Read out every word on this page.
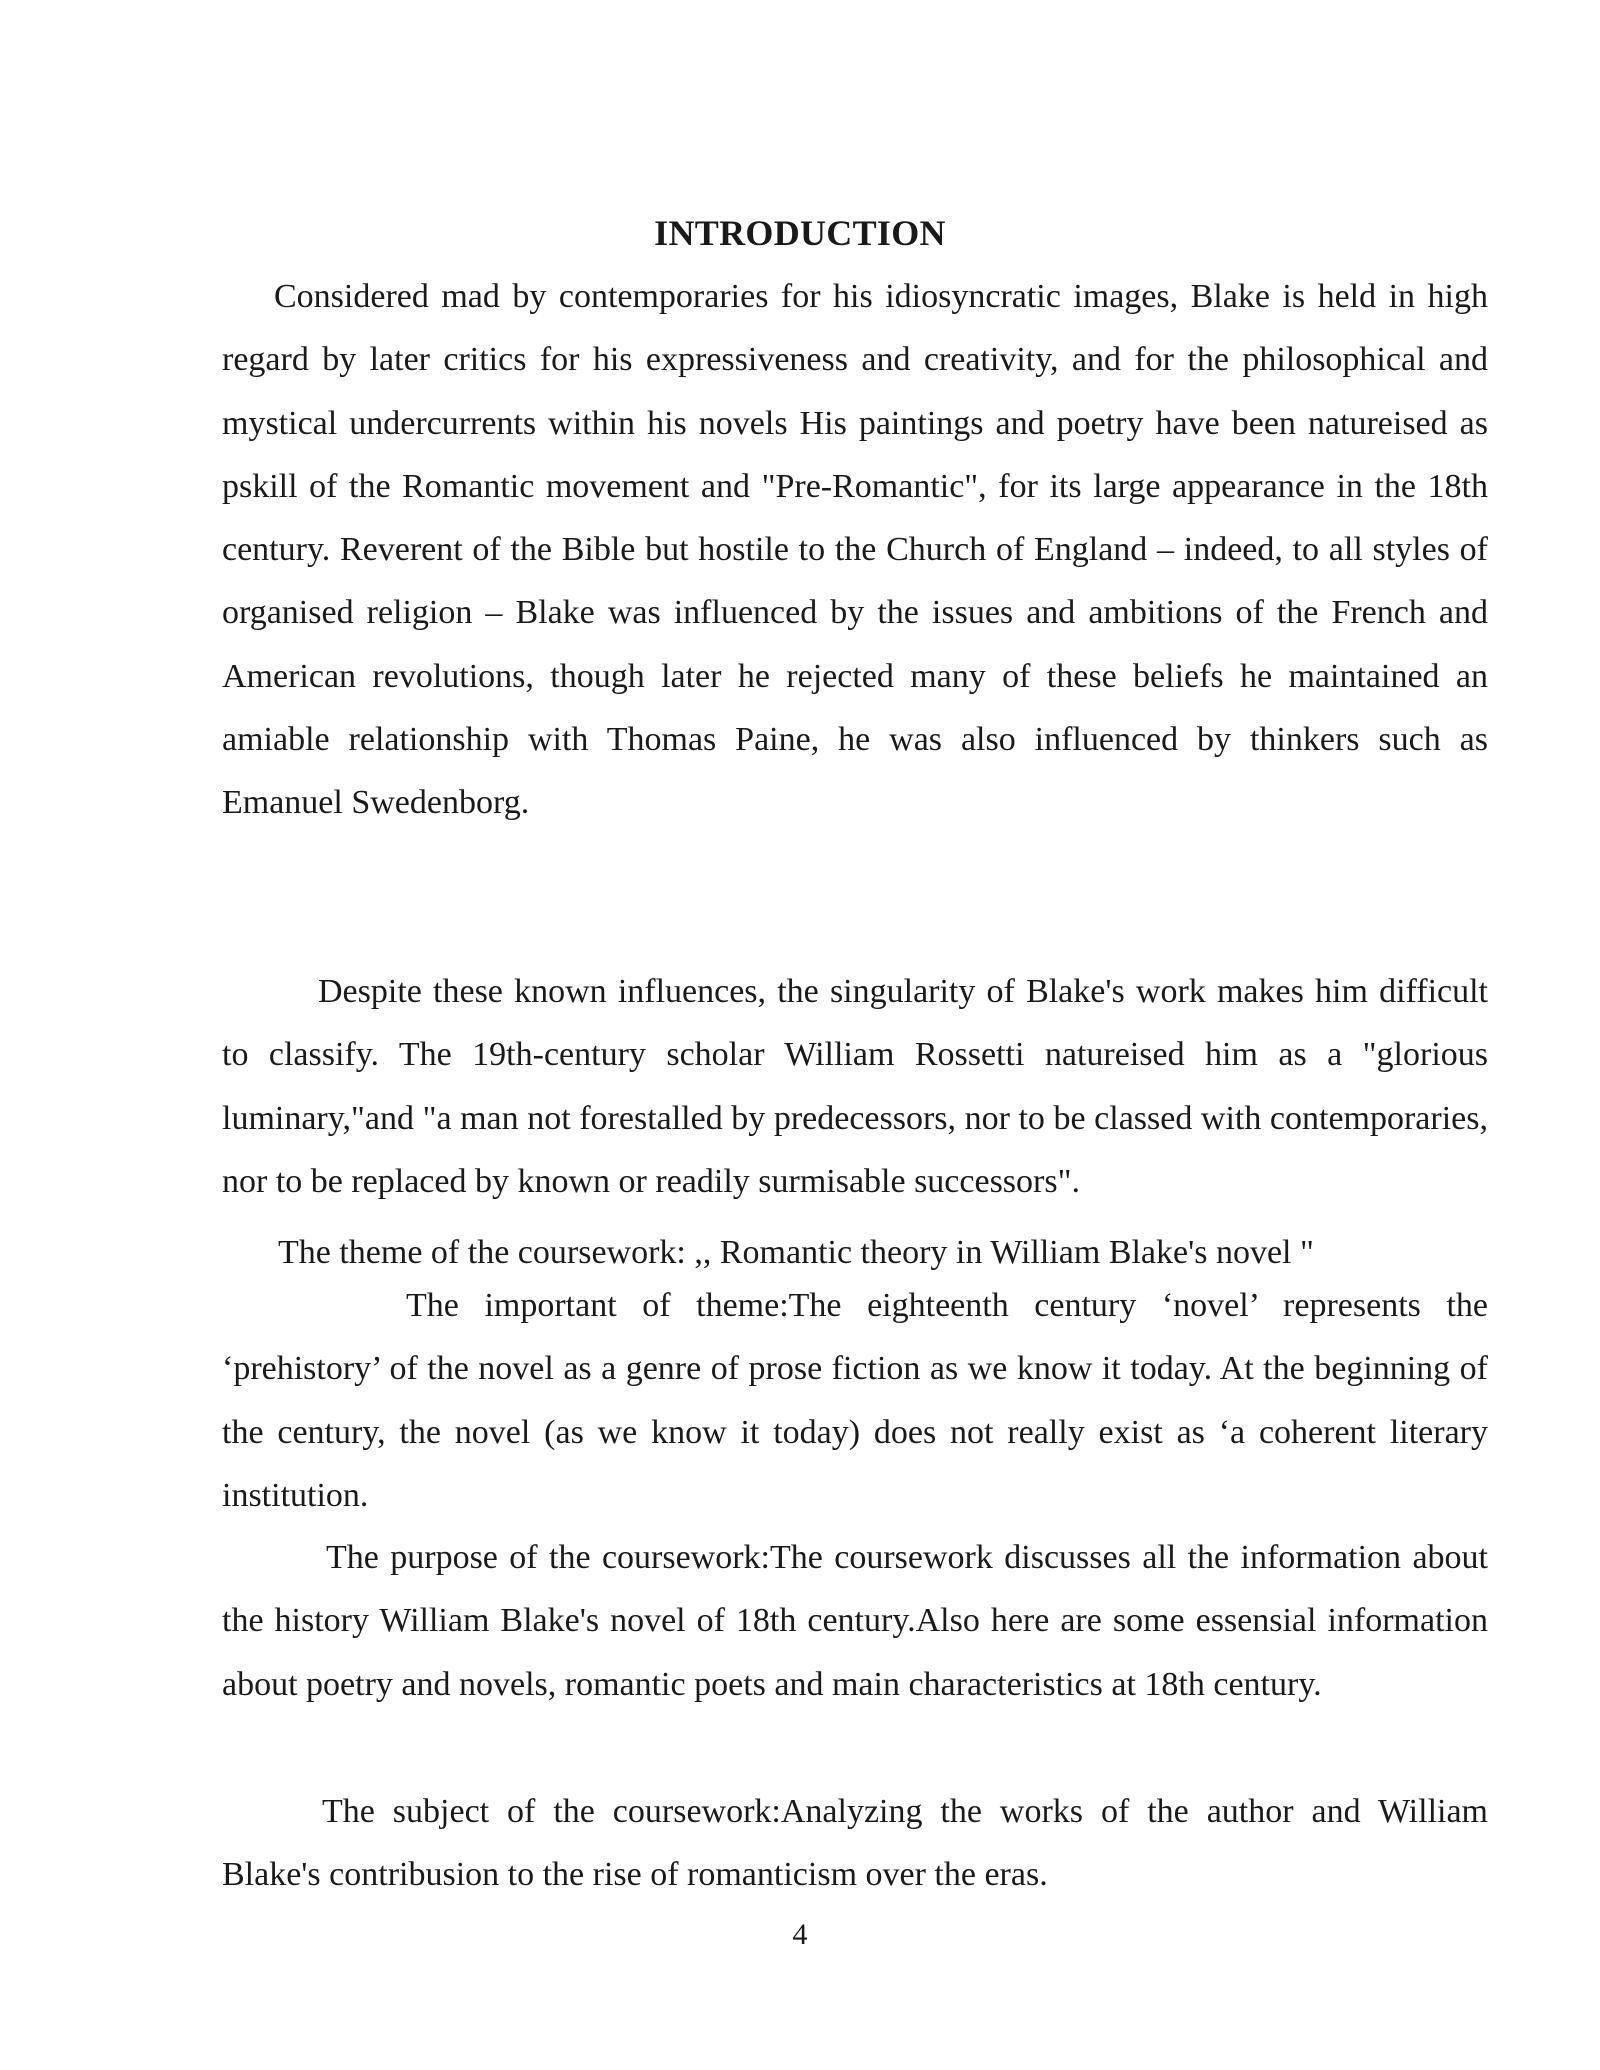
INTRODUCTION

Considered mad by contemporaries for his idiosyncratic images, Blake is held in high regard by later critics for his expressiveness and creativity, and for the philosophical and mystical undercurrents within his novels His paintings and poetry have been natureised as pskill of the Romantic movement and "Pre-Romantic", for its large appearance in the 18th century. Reverent of the Bible but hostile to the Church of England – indeed, to all styles of organised religion – Blake was influenced by the issues and ambitions of the French and American revolutions, though later he rejected many of these beliefs he maintained an amiable relationship with Thomas Paine, he was also influenced by thinkers such as Emanuel Swedenborg.

Despite these known influences, the singularity of Blake's work makes him difficult to classify. The 19th-century scholar William Rossetti natureised him as a "glorious luminary,"and "a man not forestalled by predecessors, nor to be classed with contemporaries, nor to be replaced by known or readily surmisable successors".

The theme of the coursework: ,, Romantic theory in William Blake's novel "

The important of theme:The eighteenth century ‘novel’ represents the ‘prehistory’ of the novel as a genre of prose fiction as we know it today. At the beginning of the century, the novel (as we know it today) does not really exist as ‘a coherent literary institution.

The purpose of the coursework:The coursework discusses all the information about the history William Blake's novel of 18th century.Also here are some essensial information about poetry and novels, romantic poets and main characteristics at 18th century.

The subject of the coursework:Analyzing the works of the author and William Blake's contribusion to the rise of romanticism over the eras.

4
